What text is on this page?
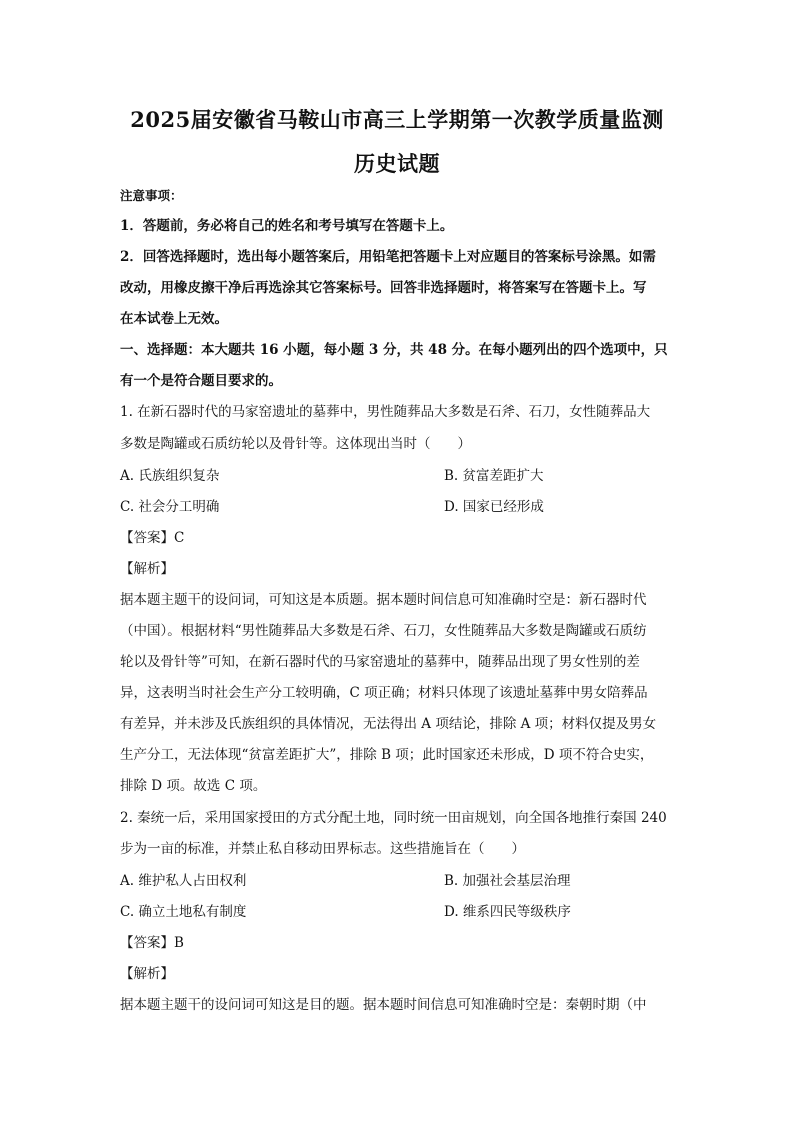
2025届安徽省马鞍山市高三上学期第一次教学质量监测
历史试题
注意事项：
1．答题前，务必将自己的姓名和考号填写在答题卡上。
2．回答选择题时，选出每小题答案后，用铅笔把答题卡上对应题目的答案标号涂黑。如需
改动，用橡皮擦干净后再选涂其它答案标号。回答非选择题时，将答案写在答题卡上。写
在本试卷上无效。
一、选择题：本大题共 16 小题，每小题 3 分，共 48 分。在每小题列出的四个选项中，只
有一个是符合题目要求的。
1. 在新石器时代的马家窑遗址的墓葬中，男性随葬品大多数是石斧、石刀，女性随葬品大
多数是陶罐或石质纺轮以及骨针等。这体现出当时（　　）
A. 氏族组织复杂	B. 贫富差距扩大
C. 社会分工明确	D. 国家已经形成
【答案】C
【解析】
据本题主题干的设问词，可知这是本质题。据本题时间信息可知准确时空是：新石器时代
（中国）。根据材料“男性随葬品大多数是石斧、石刀，女性随葬品大多数是陶罐或石质纺
轮以及骨针等”可知，在新石器时代的马家窑遗址的墓葬中，随葬品出现了男女性别的差
异，这表明当时社会生产分工较明确，C 项正确；材料只体现了该遗址墓葬中男女陪葬品
有差异，并未涉及氏族组织的具体情况，无法得出 A 项结论，排除 A 项；材料仅提及男女
生产分工，无法体现“贫富差距扩大”，排除 B 项；此时国家还未形成，D 项不符合史实，
排除 D 项。故选 C 项。
2. 秦统一后，采用国家授田的方式分配土地，同时统一田亩规划，向全国各地推行秦国 240
步为一亩的标准，并禁止私自移动田界标志。这些措施旨在（　　）
A. 维护私人占田权利	B. 加强社会基层治理
C. 确立土地私有制度	D. 维系四民等级秩序
【答案】B
【解析】
据本题主题干的设问词可知这是目的题。据本题时间信息可知准确时空是：秦朝时期（中
